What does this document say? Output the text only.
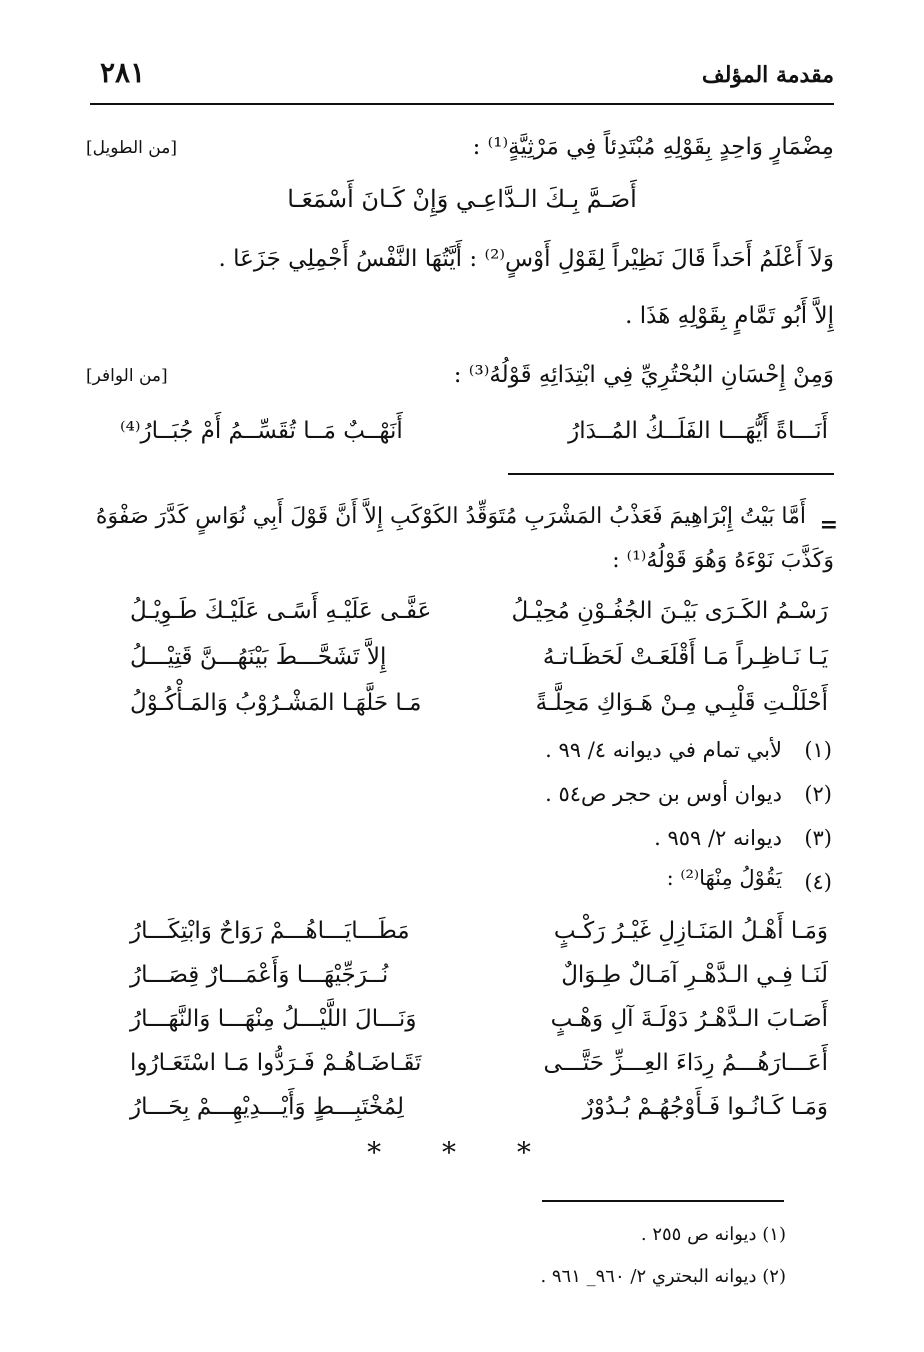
مقدمة المؤلف
٢٨١
مِضْمَارٍ وَاحِدٍ بِقَوْلِهِ مُبْتَدِئاً فِي مَرْثِيَّةٍ⁽¹⁾ :
[من الطويل]
أَصَـمَّ بِـكَ الـدَّاعِـي وَإِنْ كَـانَ أَسْمَعَـا
وَلاَ أَعْلَمُ أَحَداً قَالَ نَظِيْراً لِقَوْلِ أَوْسٍ⁽²⁾ : أَيَّتُهَا النَّفْسُ أَجْمِلِي جَزَعَا .
إِلاَّ أَبُو تَمَّامٍ بِقَوْلِهِ هَذَا .
وَمِنْ إِحْسَانِ البُحْتُرِيِّ فِي ابْتِدَائِهِ قَوْلُهُ⁽³⁾ :
[من الوافر]
أَنَـــاةً أَيُّهَـــا الفَلَــكُ المُــدَارُ
أَنَهْــبٌ مَــا تُقَسِّــمُ أَمْ جُبَــارُ⁽⁴⁾
=
أَمَّا بَيْتُ إِبْرَاهِيمَ فَعَذْبُ المَشْرَبِ مُتَوَقِّدُ الكَوْكَبِ إِلاَّ أَنَّ قَوْلَ أَبِي نُوَاسٍ كَدَّرَ صَفْوَهُ
وَكَذَّبَ نَوْءَهُ وَهُوَ قَوْلُهُ⁽¹⁾ :
رَسْـمُ الكَـرَى بَيْـنَ الجُفُـوْنِ مُحِيْـلُ
عَفَّـى عَلَيْـهِ أَسًـى عَلَيْـكَ طَـوِيْـلُ
يَـا نَـاظِـراً مَـا أَقْلَعَـتْ لَحَظَـاتـهُ
إِلاَّ تَشَحَّـــطَ بَيْنَهُـــنَّ قَتِيْـــلُ
أَحْلَلْـتِ قَلْبِـي مِـنْ هَـوَاكِ مَحِلَّـةً
مَـا حَلَّهَـا المَشْـرُوْبُ وَالمَـأْكُـوْلُ
(١)
لأبي تمام في ديوانه ٤/ ٩٩ .
(٢)
ديوان أوس بن حجر ص٥٤ .
(٣)
ديوانه ٢/ ٩٥٩ .
(٤)
يَقُوْلُ مِنْهَا⁽²⁾ :
وَمَـا أَهْـلُ المَنَـازِلِ غَيْـرُ رَكْـبٍ
مَطَـــايَـــاهُـــمْ رَوَاحٌ وَابْتِكَـــارُ
لَنَـا فِـي الـدَّهْـرِ آمَـالٌ طِـوَالٌ
نُــرَجِّيْهَـــا وَأَعْمَـــارٌ قِصَـــارُ
أَصَـابَ الـدَّهْـرُ دَوْلَـةَ آلِ وَهْـبٍ
وَنَـــالَ اللَّيْـــلُ مِنْهَـــا وَالنَّهَـــارُ
أَعَـــارَهُـــمُ رِدَاءَ العِـــزِّ حَتَّـــى
تَقَـاضَـاهُـمْ فَـرَدُّوا مَـا اسْتَعَـارُوا
وَمَـا كَـانُـوا فَـأَوْجُهُـمْ بُـدُوْرٌ
لِمُخْتَبِـــطٍ وَأَيْـــدِيْهِـــمْ بِحَـــارُ
* * *
(١) ديوانه ص ٢٥٥ .
(٢) ديوانه البحتري ٢/ ٩٦٠_ ٩٦١ .
